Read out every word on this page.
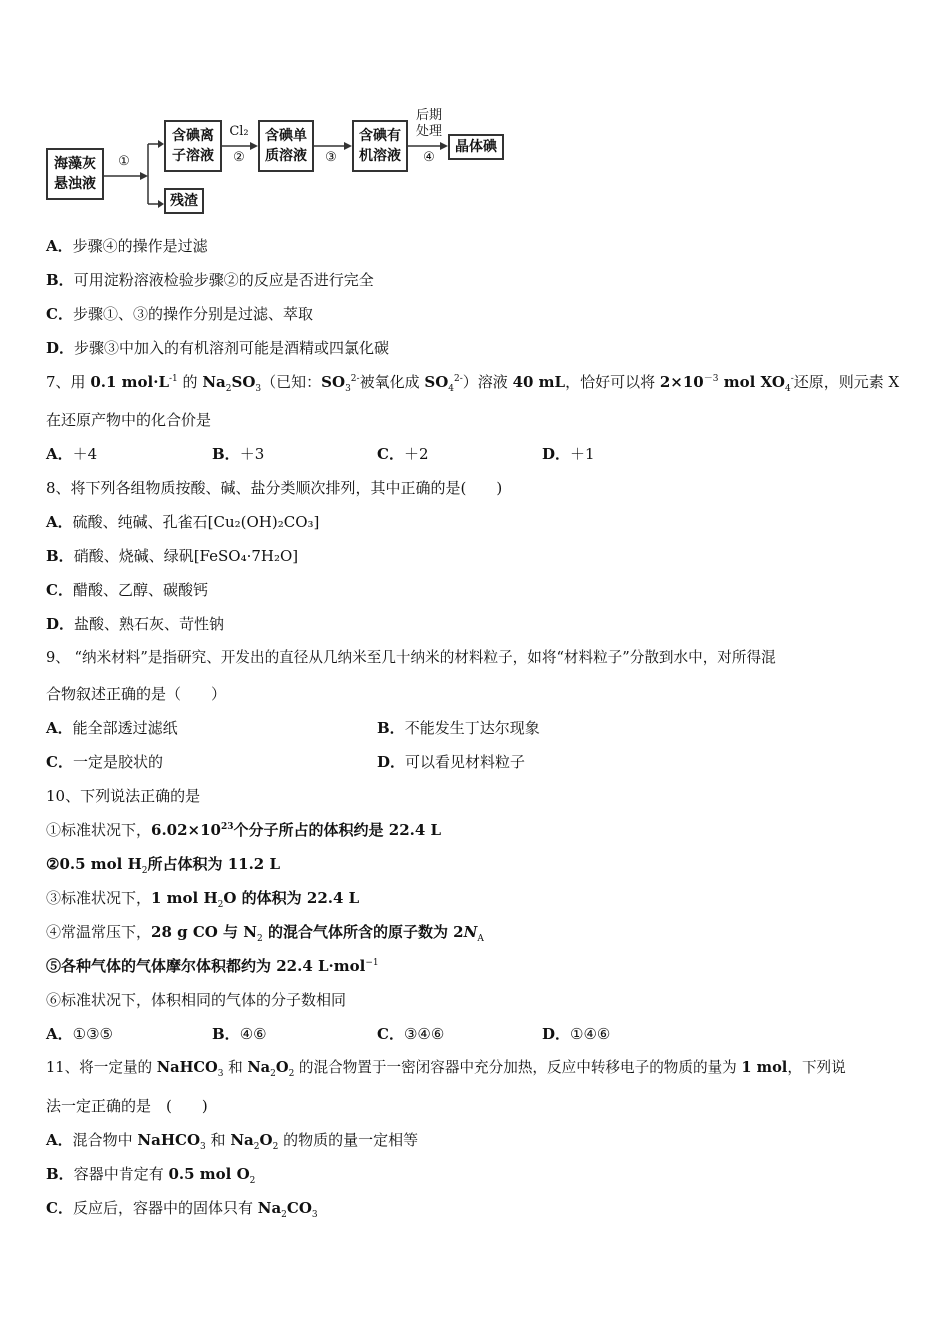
海藻灰
悬浊液
①
含碘离
子溶液
Cl₂
②
含碘单
质溶液	③
含碘有
机溶液
后期
处理
④
晶体碘
残渣
A．步骤④的操作是过滤
B．可用淀粉溶液检验步骤②的反应是否进行完全
C．步骤①、③的操作分别是过滤、萃取
D．步骤③中加入的有机溶剂可能是酒精或四氯化碳
7、用 0.1 $mol\cdot L^{-1}$ 的 $Na_2SO_3$（已知：$SO_3^{2-}$被氧化成 $SO_4^{2-}$）溶液 40 mL，恰好可以将 $2\times 10^{-3}$ mol $XO_4^-$还原，则元素 X
在还原产物中的化合价是
A．＋4	B．＋3	C．＋2	D．＋1
8、将下列各组物质按酸、碱、盐分类顺次排列，其中正确的是(　　)
A．硫酸、纯碱、孔雀石[Cu₂(OH)₂CO₃]
B．硝酸、烧碱、绿矾[FeSO₄·7H₂O]
C．醋酸、乙醇、碳酸钙
D．盐酸、熟石灰、苛性钠
9、 “纳米材料”是指研究、开发出的直径从几纳米至几十纳米的材料粒子，如将“材料粒子”分散到水中，对所得混
合物叙述正确的是（　　）
A．能全部透过滤纸	B．不能发生丁达尔现象
C．一定是胶状的	D．可以看见材料粒子
10、下列说法正确的是
①标准状况下，$6.02\times 10^{23}$个分子所占的体积约是 22.4 L
②0.5 mol $H_2$所占体积为 11.2 L
③标准状况下，1 mol $H_2O$ 的体积为 22.4 L
④常温常压下，28 g CO 与 $N_2$ 的混合气体所含的原子数为 $2N_A$
⑤各种气体的气体摩尔体积都约为 22.4 L·mol$^{-1}$
⑥标准状况下，体积相同的气体的分子数相同
A．①③⑤	B．④⑥	C．③④⑥	D．①④⑥
11、将一定量的 NaHCO$_3$ 和 $Na_2O_2$ 的混合物置于一密闭容器中充分加热，反应中转移电子的物质的量为 1 mol，下列说
法一定正确的是　(　　)
A．混合物中 NaHCO$_3$ 和 $Na_2O_2$ 的物质的量一定相等
B．容器中肯定有 0.5 mol $O_2$
C．反应后，容器中的固体只有 $Na_2CO_3$
